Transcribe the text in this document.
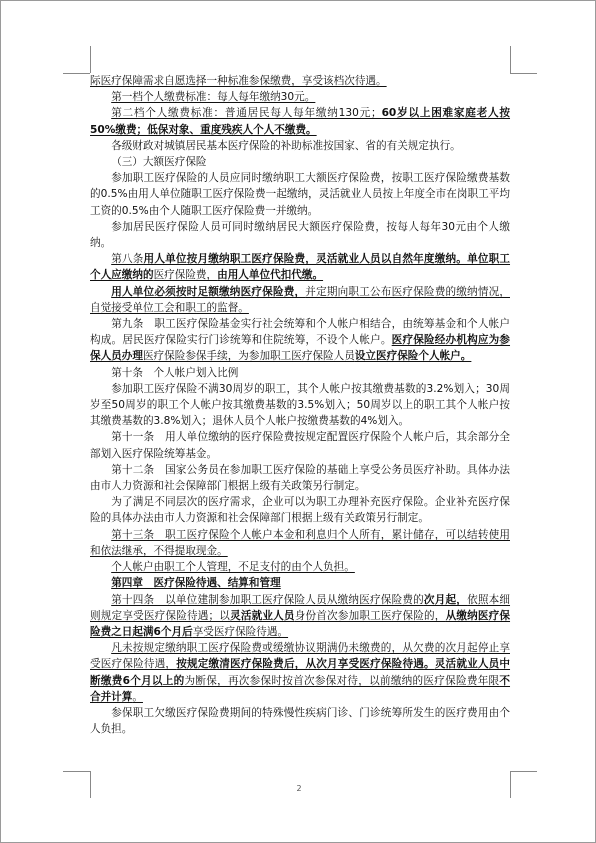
际医疗保障需求自愿选择一种标准参保缴费，享受该档次待遇。

第一档个人缴费标准：每人每年缴纳30元。

第二档个人缴费标准：普通居民每人每年缴纳130元；60岁以上困难家庭老人按50%缴费；低保对象、重度残疾人个人不缴费。

各级财政对城镇居民基本医疗保险的补助标准按国家、省的有关规定执行。

（三）大额医疗保险

参加职工医疗保险的人员应同时缴纳职工大额医疗保险费，按职工医疗保险缴费基数的0.5%由用人单位随职工医疗保险费一起缴纳，灵活就业人员按上年度全市在岗职工平均工资的0.5%由个人随职工医疗保险费一并缴纳。

参加居民医疗保险人员可同时缴纳居民大额医疗保险费，按每人每年30元由个人缴纳。

第八条用人单位按月缴纳职工医疗保险费，灵活就业人员以自然年度缴纳。单位职工个人应缴纳的医疗保险费，由用人单位代扣代缴。

用人单位必须按时足额缴纳医疗保险费，并定期向职工公布医疗保险费的缴纳情况，自觉接受单位工会和职工的监督。

第九条　职工医疗保险基金实行社会统筹和个人帐户相结合，由统筹基金和个人帐户构成。居民医疗保险实行门诊统筹和住院统筹，不设个人帐户。医疗保险经办机构应为参保人员办理医疗保险参保手续，为参加职工医疗保险人员设立医疗保险个人帐户。

第十条　个人帐户划入比例

参加职工医疗保险不满30周岁的职工，其个人帐户按其缴费基数的3.2%划入；30周岁至50周岁的职工个人帐户按其缴费基数的3.5%划入；50周岁以上的职工其个人帐户按其缴费基数的3.8%划入；退休人员个人帐户按缴费基数的4%划入。

第十一条　用人单位缴纳的医疗保险费按规定配置医疗保险个人帐户后，其余部分全部划入医疗保险统筹基金。

第十二条　国家公务员在参加职工医疗保险的基础上享受公务员医疗补助。具体办法由市人力资源和社会保障部门根据上级有关政策另行制定。

为了满足不同层次的医疗需求，企业可以为职工办理补充医疗保险。企业补充医疗保险的具体办法由市人力资源和社会保障部门根据上级有关政策另行制定。

第十三条　职工医疗保险个人帐户本金和利息归个人所有，累计储存，可以结转使用和依法继承，不得提取现金。

个人帐户由职工个人管理，不足支付的由个人负担。

第四章　医疗保险待遇、结算和管理

第十四条　以单位建制参加职工医疗保险人员从缴纳医疗保险费的次月起，依照本细则规定享受医疗保险待遇；以灵活就业人员身份首次参加职工医疗保险的，从缴纳医疗保险费之日起满6个月后享受医疗保险待遇。

凡未按规定缴纳职工医疗保险费或缓缴协议期满仍未缴费的，从欠费的次月起停止享受医疗保险待遇，按规定缴清医疗保险费后，从次月享受医疗保险待遇。灵活就业人员中断缴费6个月以上的为断保，再次参保时按首次参保对待，以前缴纳的医疗保险费年限不合并计算。

参保职工欠缴医疗保险费期间的特殊慢性疾病门诊、门诊统筹所发生的医疗费用由个人负担。

2
